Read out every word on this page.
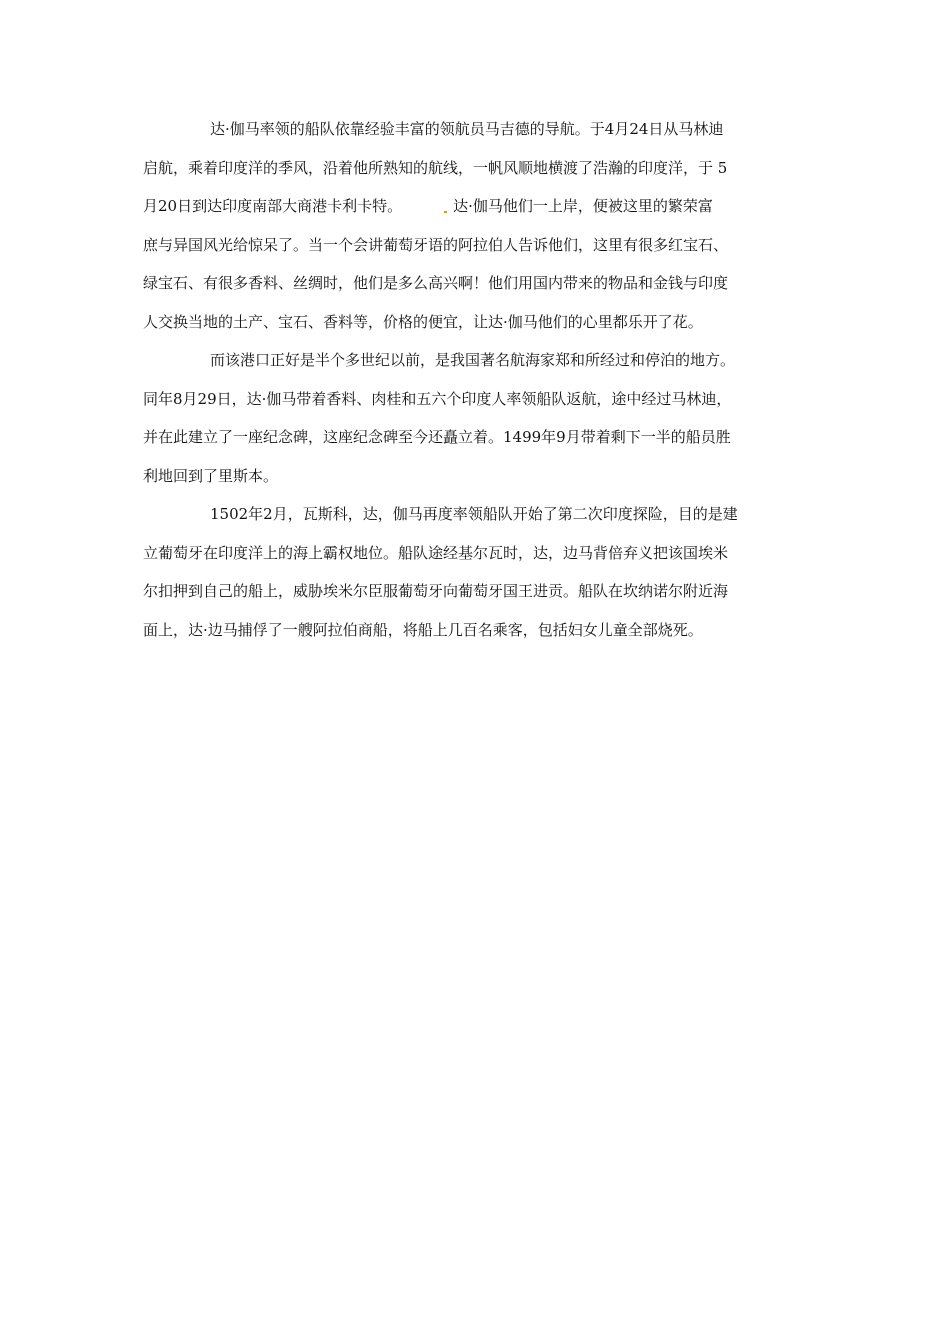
达·伽马率领的船队依靠经验丰富的领航员马吉德的导航。于4月24日从马林迪
启航，乘着印度洋的季风，沿着他所熟知的航线，一帆风顺地横渡了浩瀚的印度洋，于 5
月20日到达印度南部大商港卡利卡特。	达·伽马他们一上岸，便被这里的繁荣富
庶与异国风光给惊呆了。当一个会讲葡萄牙语的阿拉伯人告诉他们，这里有很多红宝石、
绿宝石、有很多香料、丝绸时，他们是多么高兴啊！他们用国内带来的物品和金钱与印度
人交换当地的土产、宝石、香料等，价格的便宜，让达·伽马他们的心里都乐开了花。
而该港口正好是半个多世纪以前，是我国著名航海家郑和所经过和停泊的地方。
同年8月29日，达·伽马带着香料、肉桂和五六个印度人率领船队返航，途中经过马林迪，
并在此建立了一座纪念碑，这座纪念碑至今还矗立着。1499年9月带着剩下一半的船员胜
利地回到了里斯本。
1502年2月，瓦斯科，达，伽马再度率领船队开始了第二次印度探险，目的是建
立葡萄牙在印度洋上的海上霸权地位。船队途经基尔瓦时，达，边马背倍弃义把该国埃米
尔扣押到自己的船上，威胁埃米尔臣服葡萄牙向葡萄牙国王进贡。船队在坎纳诺尔附近海
面上，达·边马捕俘了一艘阿拉伯商船，将船上几百名乘客，包括妇女儿童全部烧死。
